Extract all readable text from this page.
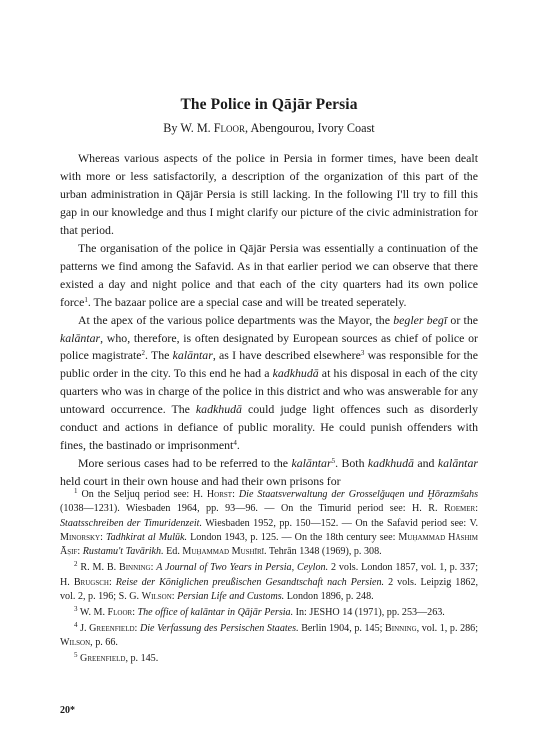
The Police in Qājār Persia
By W. M. Floor, Abengourou, Ivory Coast

Whereas various aspects of the police in Persia in former times, have been dealt with more or less satisfactorily, a description of the organization of this part of the urban administration in Qājār Persia is still lacking. In the following I'll try to fill this gap in our knowledge and thus I might clarify our picture of the civic administration for that period.

The organisation of the police in Qājār Persia was essentially a continuation of the patterns we find among the Safavid. As in that earlier period we can observe that there existed a day and night police and that each of the city quarters had its own police force$^1$. The bazaar police are a special case and will be treated seperately.

At the apex of the various police departments was the Mayor, the begler begī or the kalāntar, who, therefore, is often designated by European sources as chief of police or police magistrate$^2$. The kalāntar, as I have described elsewhere$^3$ was responsible for the public order in the city. To this end he had a kadkhudā at his disposal in each of the city quarters who was in charge of the police in this district and who was answerable for any untoward occurrence. The kadkhudā could judge light offences such as disorderly conduct and actions in defiance of public morality. He could punish offenders with fines, the bastinado or imprisonment$^4$.

More serious cases had to be referred to the kalāntar$^5$. Both kadkhudā and kalāntar held court in their own house and had their own prisons for

$^1$ On the Seljuq period see: H. Horst: Die Staatsverwaltung der Grosselǧuqen und Ḫōrazmšahs (1038—1231). Wiesbaden 1964, pp. 93—96. — On the Timurid period see: H. R. Roemer: Staatsschreiben der Timuridenzeit. Wiesbaden 1952, pp. 150—152. — On the Safavid period see: V. Minorsky: Tadhkirat al Mulūk. London 1943, p. 125. — On the 18th century see: Muḥammad Hāshim Āṣif: Rustamu't Tavārikh. Ed. Muḥammad Mushīrī. Tehrān 1348 (1969), p. 308.

$^2$ R. M. B. Binning: A Journal of Two Years in Persia, Ceylon. 2 vols. London 1857, vol. 1, p. 337; H. Brugsch: Reise der Königlichen preußischen Gesandtschaft nach Persien. 2 vols. Leipzig 1862, vol. 2, p. 196; S. G. Wilson: Persian Life and Customs. London 1896, p. 248.

$^3$ W. M. Floor: The office of kalāntar in Qājār Persia. In: JESHO 14 (1971), pp. 253—263.

$^4$ J. Greenfield: Die Verfassung des Persischen Staates. Berlin 1904, p. 145; Binning, vol. 1, p. 286; Wilson, p. 66.

$^5$ Greenfield, p. 145.

20*
